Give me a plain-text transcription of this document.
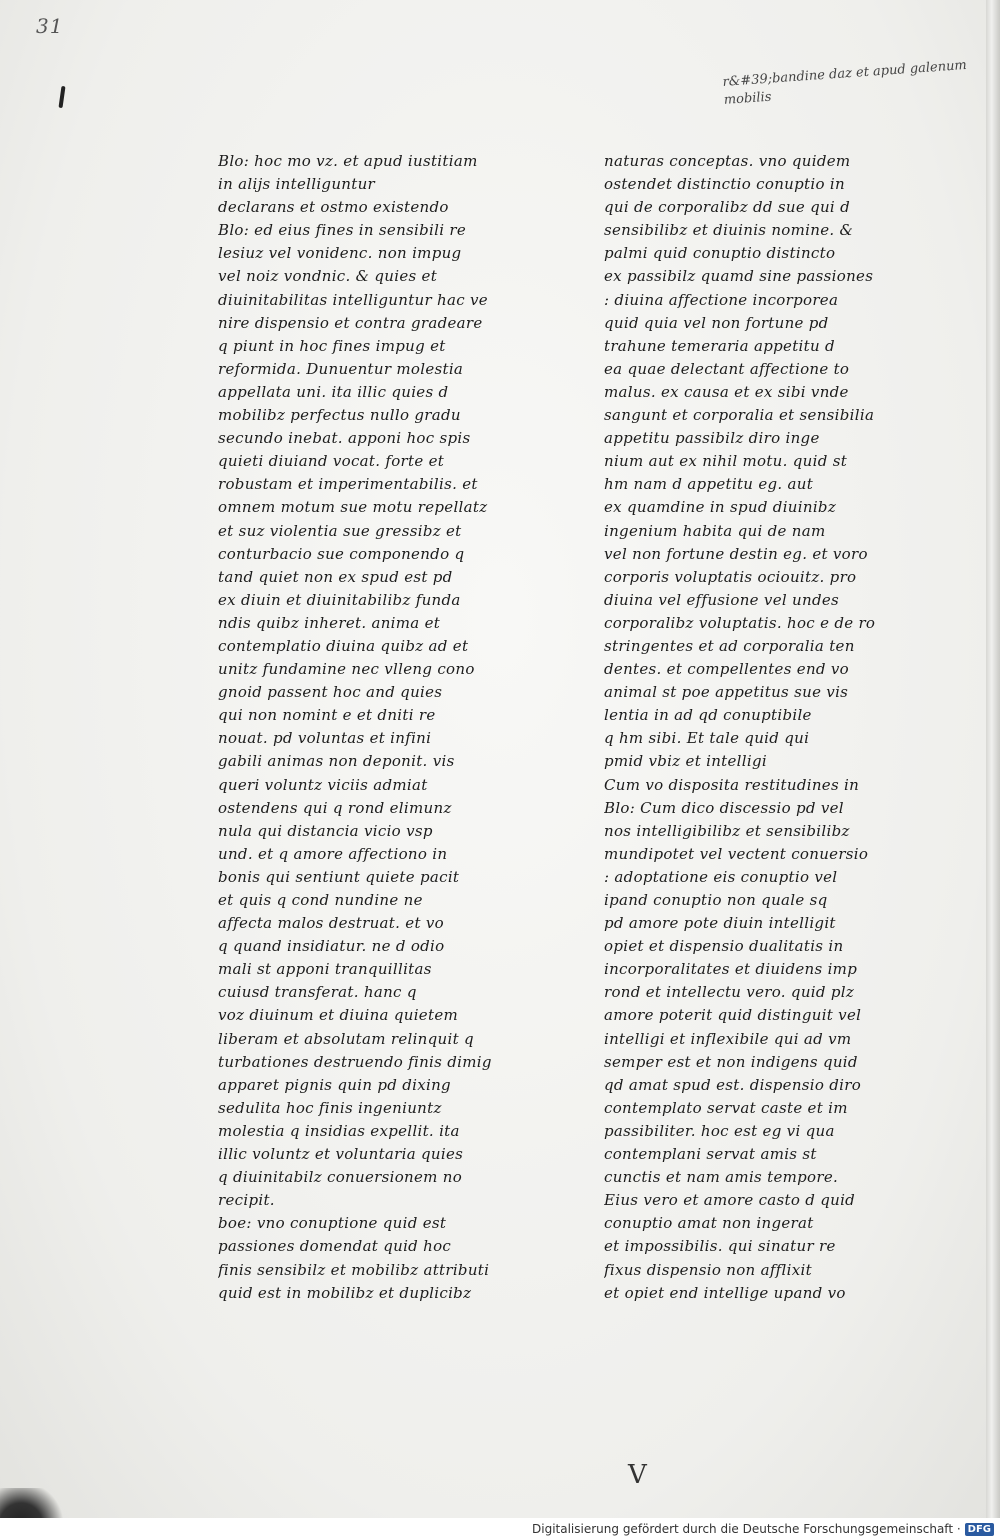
31
r&#39;bandine daz et apud galenum mobilis
Blo: hoc mo vz. et apud iustitiam
in alijs intelliguntur
declarans et ostmo existendo
Blo: ed eius fines in sensibili re
lesiuz vel vonidenc. non impug
vel noiz vondnic. & quies et
diuinitabilitas intelliguntur hac ve
nire dispensio et contra gradeare
q piunt in hoc fines impug et
reformida. Dunuentur molestia
appellata uni. ita illic quies d
mobilibz perfectus nullo gradu
secundo inebat. apponi hoc spis
quieti diuiand vocat. forte et
robustam et imperimentabilis. et
omnem motum sue motu repellatz
et suz violentia sue gressibz et
conturbacio sue componendo q
tand quiet non ex spud est pd
ex diuin et diuinitabilibz funda
ndis quibz inheret. anima et
contemplatio diuina quibz ad et
unitz fundamine nec vlleng cono
gnoid passent hoc and quies
qui non nomint e et dniti re
nouat. pd voluntas et infini
gabili animas non deponit. vis
queri voluntz viciis admiat
ostendens qui q rond elimunz
nula qui distancia vicio vsp
und. et q amore affectiono in
bonis qui sentiunt quiete pacit
et quis q cond nundine ne
affecta malos destruat. et vo
q quand insidiatur. ne d odio
mali st apponi tranquillitas
cuiusd transferat. hanc q
voz diuinum et diuina quietem
liberam et absolutam relinquit q
turbationes destruendo finis dimig
apparet pignis quin pd dixing
sedulita hoc finis ingeniuntz
molestia q insidias expellit. ita
illic voluntz et voluntaria quies
q diuinitabilz conuersionem no
recipit.
boe: vno conuptione quid est
passiones domendat quid hoc
finis sensibilz et mobilibz attributi
quid est in mobilibz et duplicibz
naturas conceptas. vno quidem
ostendet distinctio conuptio in
qui de corporalibz dd sue qui d
sensibilibz et diuinis nomine. &
palmi quid conuptio distincto
ex passibilz quamd sine passiones
: diuina affectione incorporea
quid quia vel non fortune pd
trahune temeraria appetitu d
ea quae delectant affectione to
malus. ex causa et ex sibi vnde
sangunt et corporalia et sensibilia
appetitu passibilz diro inge
nium aut ex nihil motu. quid st
hm nam d appetitu eg. aut
ex quamdine in spud diuinibz
ingenium habita qui de nam
vel non fortune destin eg. et voro
corporis voluptatis ociouitz. pro
diuina vel effusione vel undes
corporalibz voluptatis. hoc e de ro
stringentes et ad corporalia ten
dentes. et compellentes end vo
animal st poe appetitus sue vis
lentia in ad qd conuptibile
q hm sibi. Et tale quid qui
pmid vbiz et intelligi
Cum vo disposita restitudines in
Blo: Cum dico discessio pd vel
nos intelligibilibz et sensibilibz
mundipotet vel vectent conuersio
: adoptatione eis conuptio vel
ipand conuptio non quale sq
pd amore pote diuin intelligit
opiet et dispensio dualitatis in
incorporalitates et diuidens imp
rond et intellectu vero. quid plz
amore poterit quid distinguit vel
intelligi et inflexibile qui ad vm
semper est et non indigens quid
qd amat spud est. dispensio diro
contemplato servat caste et im
passibiliter. hoc est eg vi qua
contemplani servat amis st
cunctis et nam amis tempore.
Eius vero et amore casto d quid
conuptio amat non ingerat
et impossibilis. qui sinatur re
fixus dispensio non afflixit
et opiet end intellige upand vo
V
Digitalisierung gefördert durch die Deutsche Forschungsgemeinschaft · DFG
